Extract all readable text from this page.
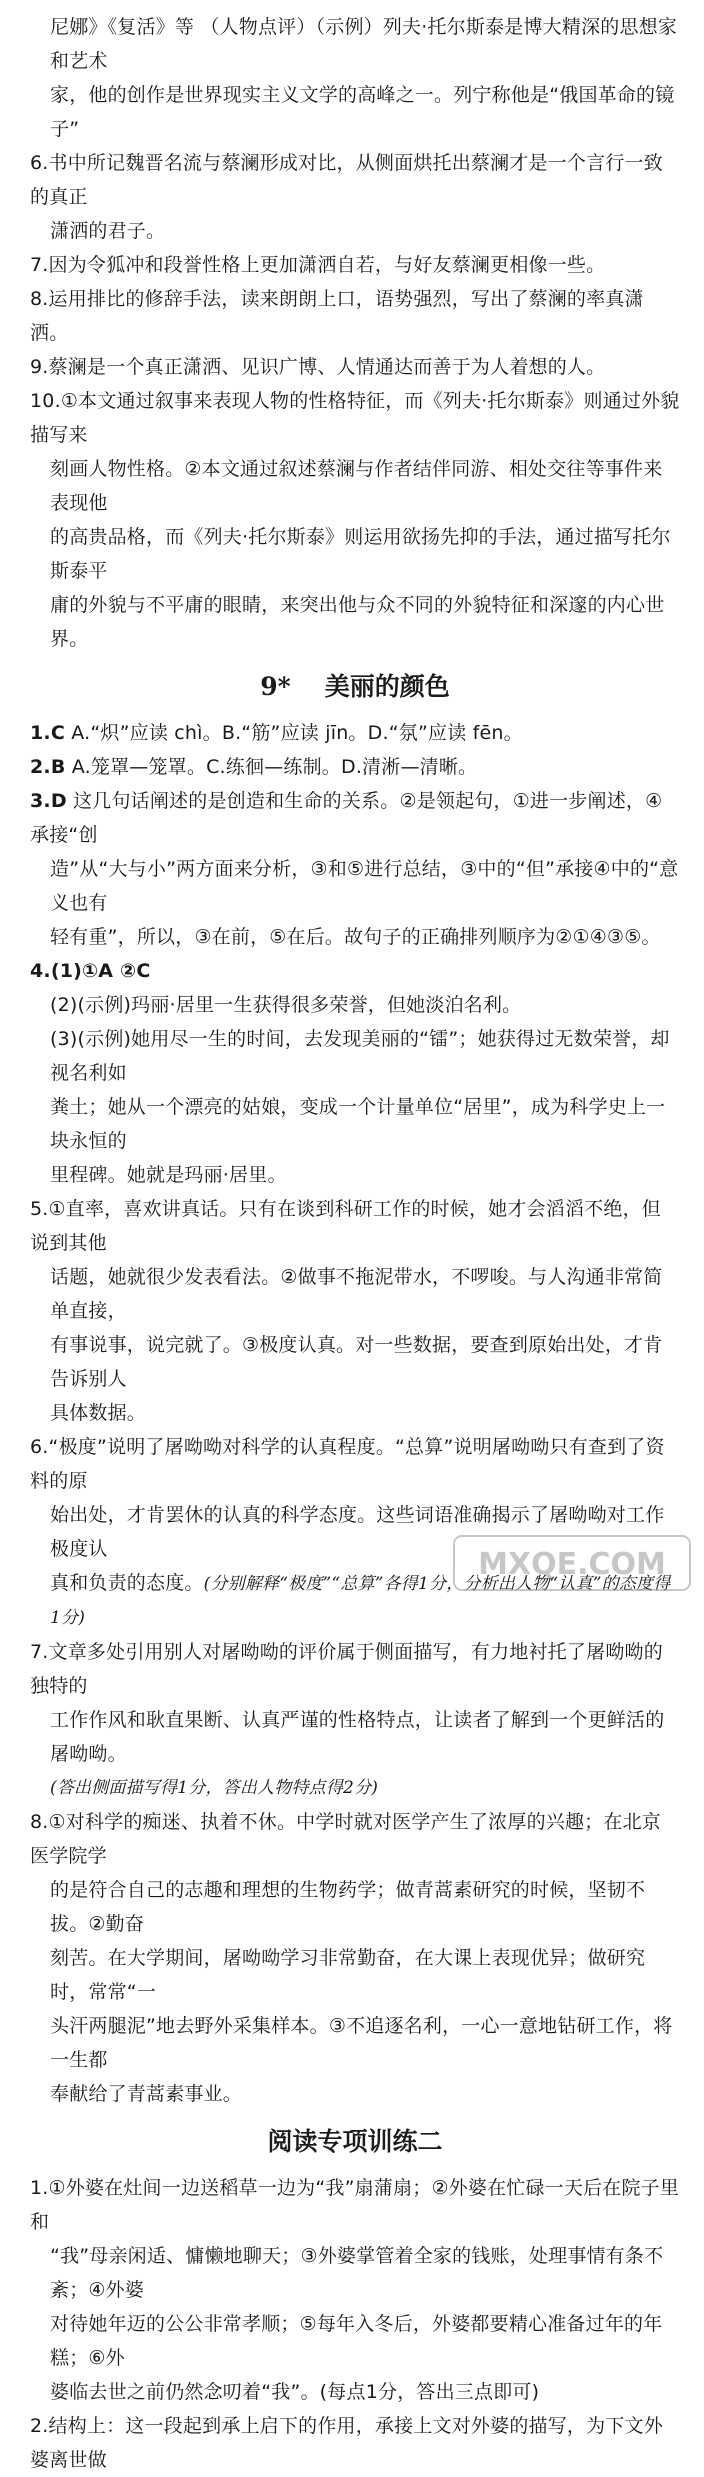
尼娜》《复活》等 （人物点评）（示例）列夫·托尔斯泰是博大精深的思想家和艺术

家，他的创作是世界现实主义文学的高峰之一。列宁称他是“俄国革命的镜子”

6.书中所记魏晋名流与蔡澜形成对比，从侧面烘托出蔡澜才是一个言行一致的真正

潇洒的君子。

7.因为令狐冲和段誉性格上更加潇洒自若，与好友蔡澜更相像一些。

8.运用排比的修辞手法，读来朗朗上口，语势强烈，写出了蔡澜的率真潇洒。

9.蔡澜是一个真正潇洒、见识广博、人情通达而善于为人着想的人。

10.①本文通过叙事来表现人物的性格特征，而《列夫·托尔斯泰》则通过外貌描写来

刻画人物性格。②本文通过叙述蔡澜与作者结伴同游、相处交往等事件来表现他

的高贵品格，而《列夫·托尔斯泰》则运用欲扬先抑的手法，通过描写托尔斯泰平

庸的外貌与不平庸的眼睛，来突出他与众不同的外貌特征和深邃的内心世界。

9* 美丽的颜色

1.C A.“炽”应读 chì。B.“筋”应读 jīn。D.“氛”应读 fēn。

2.B A.笼罩—笼罩。C.练徊—练制。D.清淅—清晰。

3.D 这几句话阐述的是创造和生命的关系。②是领起句，①进一步阐述，④承接“创

造”从“大与小”两方面来分析，③和⑤进行总结，③中的“但”承接④中的“意义也有

轻有重”，所以，③在前，⑤在后。故句子的正确排列顺序为②①④③⑤。

4.(1)①A ②C

(2)(示例)玛丽·居里一生获得很多荣誉，但她淡泊名利。

(3)(示例)她用尽一生的时间，去发现美丽的“镭”；她获得过无数荣誉，却视名利如

粪土；她从一个漂亮的姑娘，变成一个计量单位“居里”，成为科学史上一块永恒的

里程碑。她就是玛丽·居里。

5.①直率，喜欢讲真话。只有在谈到科研工作的时候，她才会滔滔不绝，但说到其他

话题，她就很少发表看法。②做事不拖泥带水，不啰唆。与人沟通非常简单直接，

有事说事，说完就了。③极度认真。对一些数据，要查到原始出处，才肯告诉别人

具体数据。

6.“极度”说明了屠呦呦对科学的认真程度。“总算”说明屠呦呦只有查到了资料的原

始出处，才肯罢休的认真的科学态度。这些词语准确揭示了屠呦呦对工作极度认

真和负责的态度。(分别解释“极度”“总算”各得1分，分析出人物“认真”的态度得

1分)

7.文章多处引用别人对屠呦呦的评价属于侧面描写，有力地衬托了屠呦呦的独特的

工作作风和耿直果断、认真严谨的性格特点，让读者了解到一个更鲜活的屠呦呦。

(答出侧面描写得1分，答出人物特点得2分)

8.①对科学的痴迷、执着不休。中学时就对医学产生了浓厚的兴趣；在北京医学院学

的是符合自己的志趣和理想的生物药学；做青蒿素研究的时候，坚韧不拔。②勤奋

刻苦。在大学期间，屠呦呦学习非常勤奋，在大课上表现优异；做研究时，常常“一

头汗两腿泥”地去野外采集样本。③不追逐名利，一心一意地钻研工作，将一生都

奉献给了青蒿素事业。

阅读专项训练二

1.①外婆在灶间一边送稻草一边为“我”扇蒲扇；②外婆在忙碌一天后在院子里和

“我”母亲闲适、慵懒地聊天；③外婆掌管着全家的钱账，处理事情有条不紊；④外婆

对待她年迈的公公非常孝顺；⑤每年入冬后，外婆都要精心准备过年的年糕；⑥外

婆临去世之前仍然念叨着“我”。(每点1分，答出三点即可)

2.结构上：这一段起到承上启下的作用，承接上文对外婆的描写，为下文外婆离世做

MXQE.COM
